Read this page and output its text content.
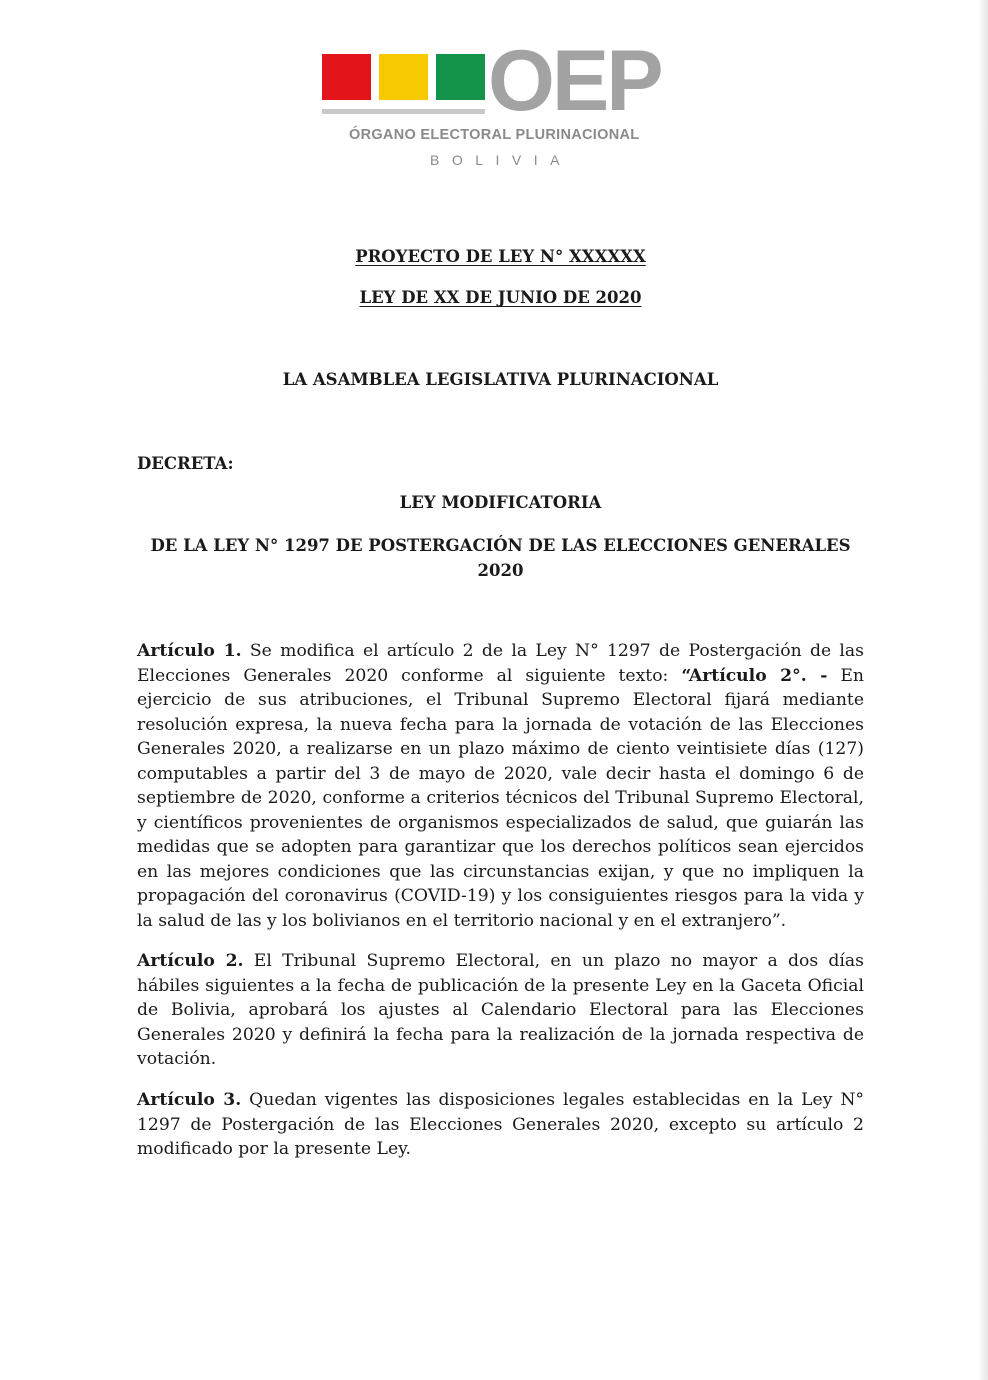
OEP
ÓRGANO ELECTORAL PLURINACIONAL
BOLIVIA
PROYECTO DE LEY N° XXXXXX
LEY DE XX DE JUNIO DE 2020
LA ASAMBLEA LEGISLATIVA PLURINACIONAL
DECRETA:
LEY MODIFICATORIA
DE LA LEY N° 1297 DE POSTERGACIÓN DE LAS ELECCIONES GENERALES
2020
Artículo 1. Se modifica el artículo 2 de la Ley N° 1297 de Postergación de las Elecciones Generales 2020 conforme al siguiente texto: “Artículo 2°. - En ejercicio de sus atribuciones, el Tribunal Supremo Electoral fijará mediante resolución expresa, la nueva fecha para la jornada de votación de las Elecciones Generales 2020, a realizarse en un plazo máximo de ciento veintisiete días (127) computables a partir del 3 de mayo de 2020, vale decir hasta el domingo 6 de septiembre de 2020, conforme a criterios técnicos del Tribunal Supremo Electoral, y científicos provenientes de organismos especializados de salud, que guiarán las medidas que se adopten para garantizar que los derechos políticos sean ejercidos en las mejores condiciones que las circunstancias exijan, y que no impliquen la propagación del coronavirus (COVID-19) y los consiguientes riesgos para la vida y la salud de las y los bolivianos en el territorio nacional y en el extranjero”.
Artículo 2. El Tribunal Supremo Electoral, en un plazo no mayor a dos días hábiles siguientes a la fecha de publicación de la presente Ley en la Gaceta Oficial de Bolivia, aprobará los ajustes al Calendario Electoral para las Elecciones Generales 2020 y definirá la fecha para la realización de la jornada respectiva de votación.
Artículo 3. Quedan vigentes las disposiciones legales establecidas en la Ley N° 1297 de Postergación de las Elecciones Generales 2020, excepto su artículo 2 modificado por la presente Ley.
